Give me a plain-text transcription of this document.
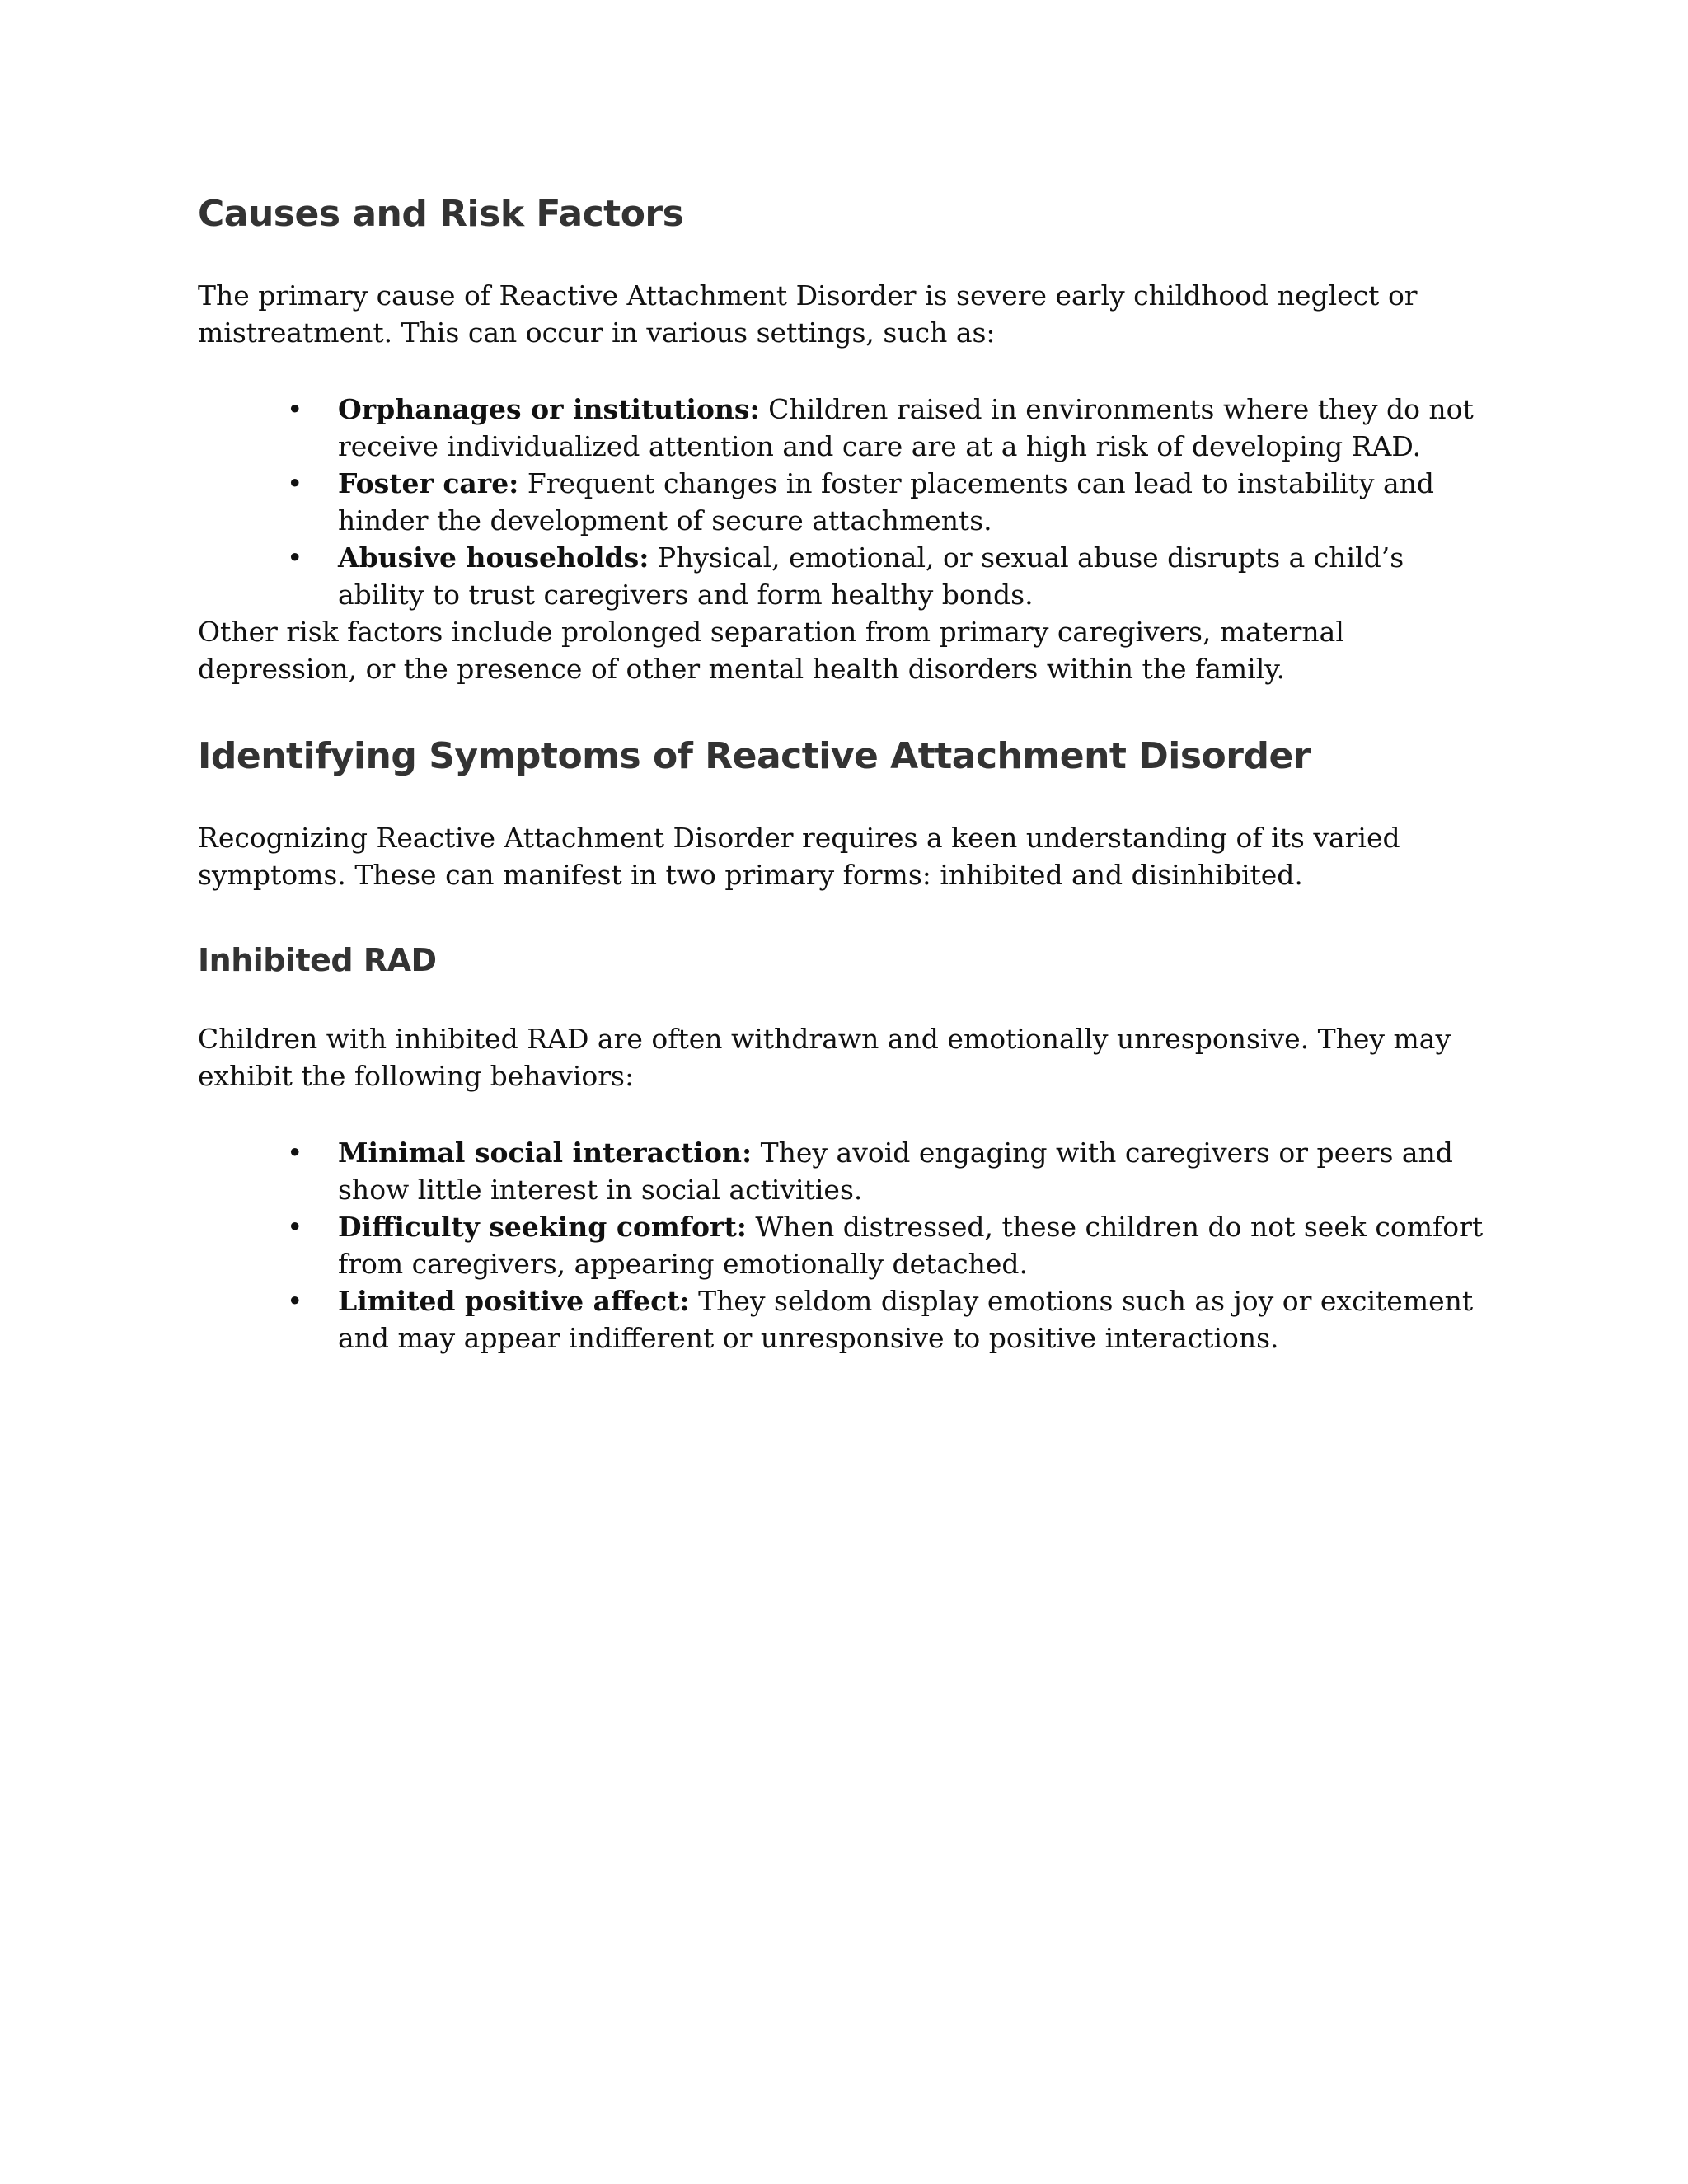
Causes and Risk Factors

The primary cause of Reactive Attachment Disorder is severe early childhood neglect or mistreatment. This can occur in various settings, such as:

• Orphanages or institutions: Children raised in environments where they do not receive individualized attention and care are at a high risk of developing RAD.
• Foster care: Frequent changes in foster placements can lead to instability and hinder the development of secure attachments.
• Abusive households: Physical, emotional, or sexual abuse disrupts a child’s ability to trust caregivers and form healthy bonds.

Other risk factors include prolonged separation from primary caregivers, maternal depression, or the presence of other mental health disorders within the family.

Identifying Symptoms of Reactive Attachment Disorder

Recognizing Reactive Attachment Disorder requires a keen understanding of its varied symptoms. These can manifest in two primary forms: inhibited and disinhibited.

Inhibited RAD

Children with inhibited RAD are often withdrawn and emotionally unresponsive. They may exhibit the following behaviors:

• Minimal social interaction: They avoid engaging with caregivers or peers and show little interest in social activities.
• Difficulty seeking comfort: When distressed, these children do not seek comfort from caregivers, appearing emotionally detached.
• Limited positive affect: They seldom display emotions such as joy or excitement and may appear indifferent or unresponsive to positive interactions.
